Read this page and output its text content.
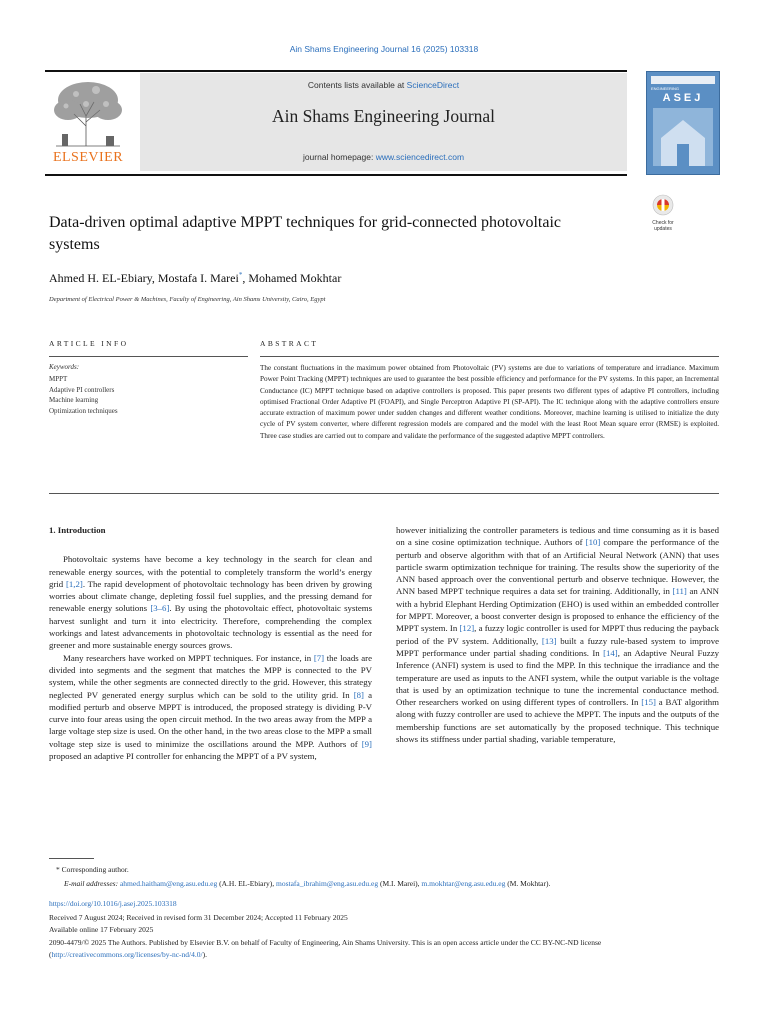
Ain Shams Engineering Journal 16 (2025) 103318
Contents lists available at ScienceDirect
Ain Shams Engineering Journal
journal homepage: www.sciencedirect.com
ELSEVIER
ENGINEERING
ASEJ
Check for updates
Data-driven optimal adaptive MPPT techniques for grid-connected photovoltaic systems
Ahmed H. EL-Ebiary, Mostafa I. Marei*, Mohamed Mokhtar
Department of Electrical Power & Machines, Faculty of Engineering, Ain Shams University, Cairo, Egypt
ARTICLE INFO	ABSTRACT
Keywords:
MPPT
Adaptive PI controllers
Machine learning
Optimization techniques
The constant fluctuations in the maximum power obtained from Photovoltaic (PV) systems are due to variations of temperature and irradiance. Maximum Power Point Tracking (MPPT) techniques are used to guarantee the best possible efficiency and performance for the PV systems. In this paper, an Incremental Conductance (IC) MPPT technique based on adaptive controllers is proposed. This paper presents two different types of adaptive PI controllers, including optimised Fractional Order Adaptive PI (FOAPI), and Single Perceptron Adaptive PI (SP-API). The IC technique along with the adaptive controllers ensure accurate extraction of maximum power under sudden changes and different weather conditions. Moreover, machine learning is utilised to initialize the duty cycle of PV system converter, where different regression models are compared and the model with the least Root Mean square error (RMSE) is exploited. Three case studies are carried out to compare and validate the performance of the suggested adaptive MPPT controllers.

1. Introduction

Photovoltaic systems have become a key technology in the search for clean and renewable energy sources, with the potential to completely transform the world’s energy grid [1,2]. The rapid development of photovoltaic technology has been driven by growing worries about climate change, depleting fossil fuel supplies, and the pressing demand for renewable energy solutions [3–6]. By using the photovoltaic effect, photovoltaic systems harvest sunlight and turn it into electricity. Therefore, comprehending the complex workings and latest advancements in photovoltaic technology is essential as the need for greener and more sustainable energy sources grows.

Many researchers have worked on MPPT techniques. For instance, in [7] the loads are divided into segments and the segment that matches the MPP is connected to the PV system, while the other segments are connected directly to the grid. However, this strategy neglected PV generated energy surplus which can be sold to the utility grid. In [8] a modified perturb and observe MPPT is introduced, the proposed strategy is dividing P-V curve into four areas using the open circuit method. In the two areas away from the MPP a large voltage step size is used. On the other hand, in the two areas close to the MPP a small voltage step size is used to minimize the oscillations around the MPP. Authors of [9] proposed an adaptive PI controller for enhancing the MPPT of a PV system,

however initializing the controller parameters is tedious and time consuming as it is based on a sine cosine optimization technique. Authors of [10] compare the performance of the perturb and observe algorithm with that of an Artificial Neural Network (ANN) that uses particle swarm optimization technique for training. The results show the superiority of the ANN based approach over the conventional perturb and observe technique. However, the ANN based MPPT technique requires a data set for training. Additionally, in [11] an ANN with a hybrid Elephant Herding Optimization (EHO) is used within an embedded controller for MPPT. Moreover, a boost converter design is proposed to enhance the efficiency of the MPPT system. In [12], a fuzzy logic controller is used for MPPT thus reducing the payback period of the PV system. Additionally, [13] built a fuzzy rule-based system to improve MPPT performance under partial shading conditions. In [14], an Adaptive Neural Fuzzy Inference (ANFI) system is used to find the MPP. In this technique the irradiance and the temperature are used as inputs to the ANFI system, while the output variable is the voltage that is used by an optimization technique to tune the incremental conductance method. Other researchers worked on using different types of controllers. In [15] a BAT algorithm along with fuzzy controller are used to achieve the MPPT. The inputs and the outputs of the membership functions are set automatically by the proposed technique. This technique shows its stiffness under partial shading, variable temperature,

* Corresponding author.
E-mail addresses: ahmed.haitham@eng.asu.edu.eg (A.H. EL-Ebiary), mostafa_ibrahim@eng.asu.edu.eg (M.I. Marei), m.mokhtar@eng.asu.edu.eg (M. Mokhtar).
https://doi.org/10.1016/j.asej.2025.103318
Received 7 August 2024; Received in revised form 31 December 2024; Accepted 11 February 2025
Available online 17 February 2025
2090-4479/© 2025 The Authors. Published by Elsevier B.V. on behalf of Faculty of Engineering, Ain Shams University. This is an open access article under the CC BY-NC-ND license (http://creativecommons.org/licenses/by-nc-nd/4.0/).
